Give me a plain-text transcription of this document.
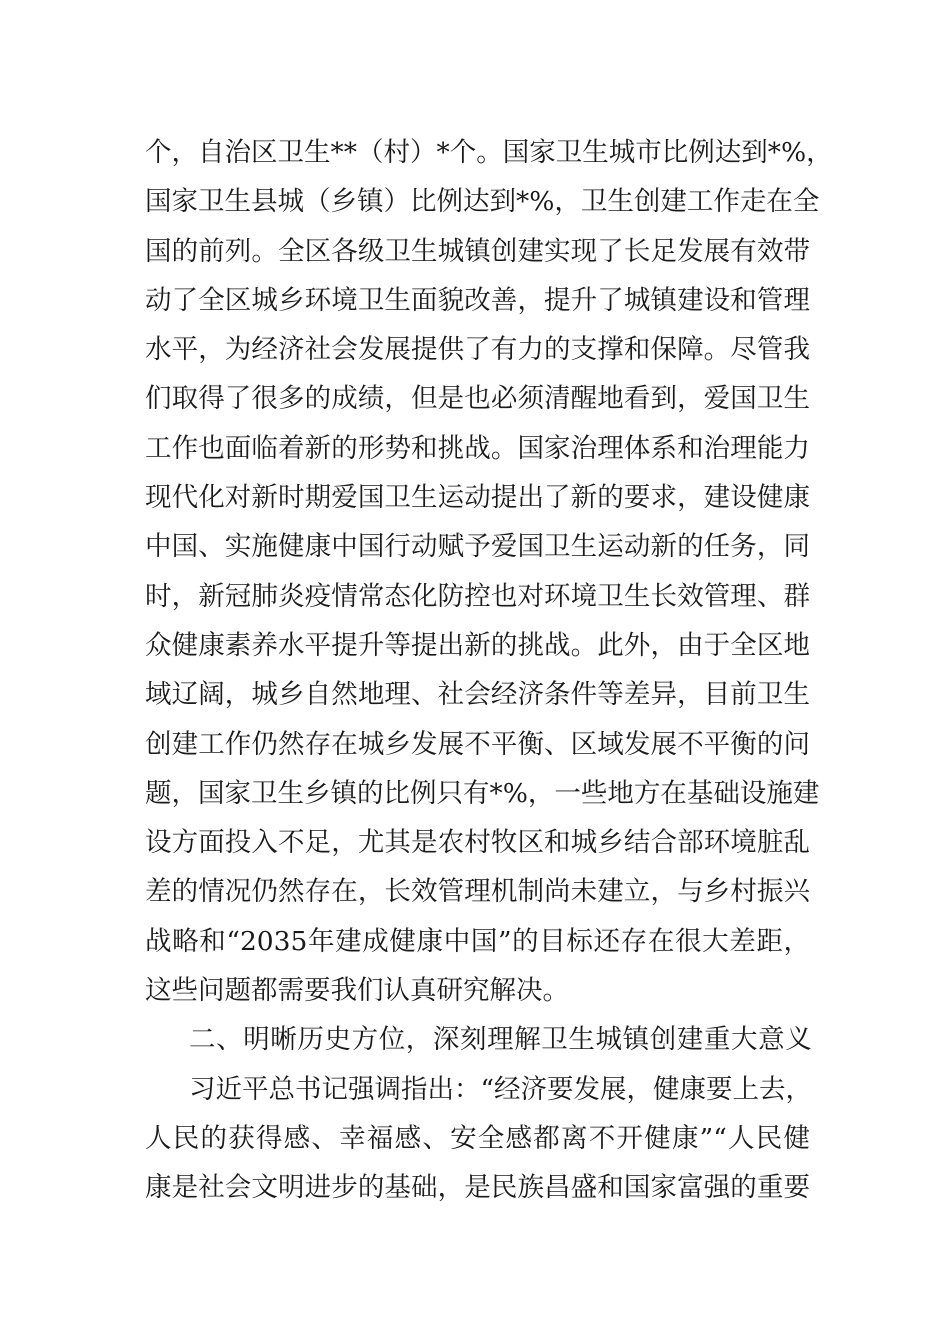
个，自治区卫生**（村）*个。国家卫生城市比例达到*%，
国家卫生县城（乡镇）比例达到*%，卫生创建工作走在全
国的前列。全区各级卫生城镇创建实现了长足发展有效带
动了全区城乡环境卫生面貌改善，提升了城镇建设和管理
水平，为经济社会发展提供了有力的支撑和保障。尽管我
们取得了很多的成绩，但是也必须清醒地看到，爱国卫生
工作也面临着新的形势和挑战。国家治理体系和治理能力
现代化对新时期爱国卫生运动提出了新的要求，建设健康
中国、实施健康中国行动赋予爱国卫生运动新的任务，同
时，新冠肺炎疫情常态化防控也对环境卫生长效管理、群
众健康素养水平提升等提出新的挑战。此外，由于全区地
域辽阔，城乡自然地理、社会经济条件等差异，目前卫生
创建工作仍然存在城乡发展不平衡、区域发展不平衡的问
题，国家卫生乡镇的比例只有*%，一些地方在基础设施建
设方面投入不足，尤其是农村牧区和城乡结合部环境脏乱
差的情况仍然存在，长效管理机制尚未建立，与乡村振兴
战略和“2035年建成健康中国”的目标还存在很大差距，
这些问题都需要我们认真研究解决。
二、明晰历史方位，深刻理解卫生城镇创建重大意义
习近平总书记强调指出：“经济要发展，健康要上去，
人民的获得感、幸福感、安全感都离不开健康”“人民健
康是社会文明进步的基础，是民族昌盛和国家富强的重要
